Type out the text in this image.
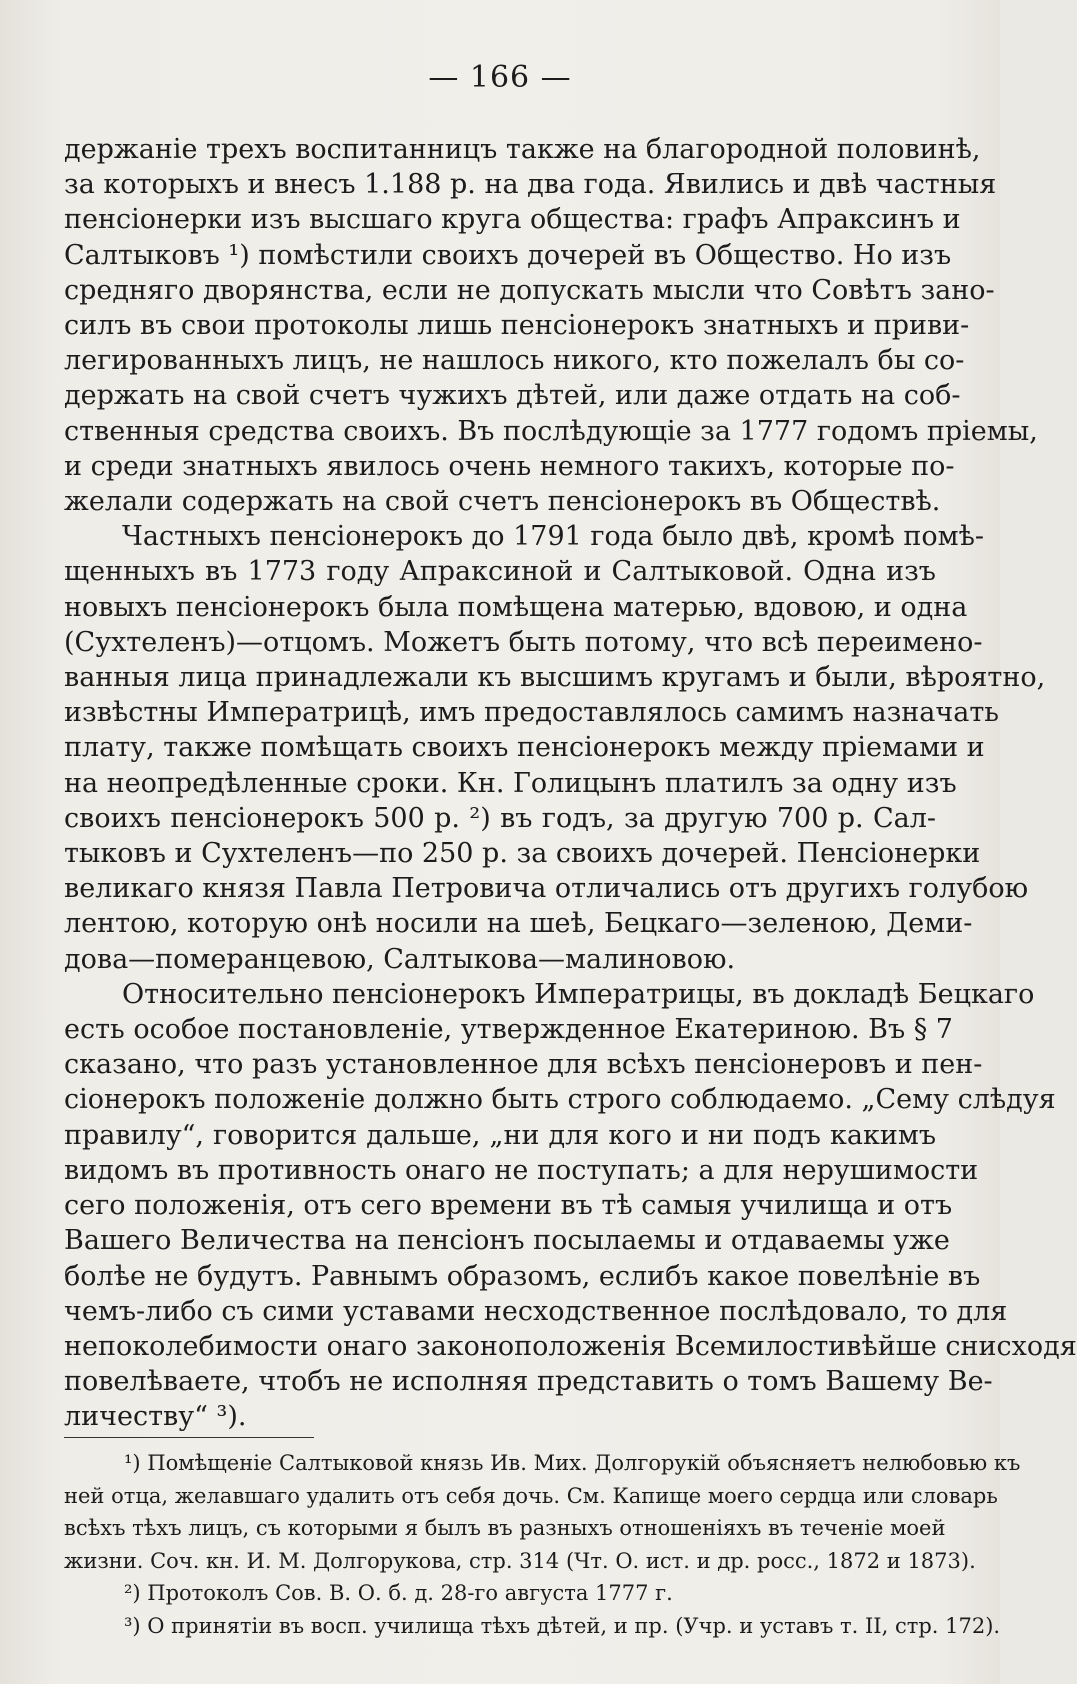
— 166 —

держанiе трехъ воспитанницъ также на благородной половинѣ,
за которыхъ и внесъ 1.188 р. на два года. Явились и двѣ частныя
пенсiонерки изъ высшаго круга общества: графъ Апраксинъ и
Салтыковъ ¹) помѣстили своихъ дочерей въ Общество. Но изъ
средняго дворянства, если не допускать мысли что Совѣтъ зано-
силъ въ свои протоколы лишь пенсiонерокъ знатныхъ и приви-
легированныхъ лицъ, не нашлось никого, кто пожелалъ бы со-
держать на свой счетъ чужихъ дѣтей, или даже отдать на соб-
ственныя средства своихъ. Въ послѣдующiе за 1777 годомъ прiемы,
и среди знатныхъ явилось очень немного такихъ, которые по-
желали содержать на свой счетъ пенсiонерокъ въ Обществѣ.

Частныхъ пенсiонерокъ до 1791 года было двѣ, кромѣ помѣ-
щенныхъ въ 1773 году Апраксиной и Салтыковой. Одна изъ
новыхъ пенсiонерокъ была помѣщена матерью, вдовою, и одна
(Сухтеленъ)—отцомъ. Можетъ быть потому, что всѣ переимено-
ванныя лица принадлежали къ высшимъ кругамъ и были, вѣроятно,
извѣстны Императрицѣ, имъ предоставлялось самимъ назначать
плату, также помѣщать своихъ пенсiонерокъ между прiемами и
на неопредѣленные сроки. Кн. Голицынъ платилъ за одну изъ
своихъ пенсiонерокъ 500 р. ²) въ годъ, за другую 700 р. Сал-
тыковъ и Сухтеленъ—по 250 р. за своихъ дочерей. Пенсiонерки
великаго князя Павла Петровича отличались отъ другихъ голубою
лентою, которую онѣ носили на шеѣ, Бецкаго—зеленою, Деми-
дова—померанцевою, Салтыкова—малиновою.

Относительно пенсiонерокъ Императрицы, въ докладѣ Бецкаго
есть особое постановленiе, утвержденное Екатериною. Въ § 7
сказано, что разъ установленное для всѣхъ пенсiонеровъ и пен-
сiонерокъ положенiе должно быть строго соблюдаемо. „Сему слѣдуя
правилу“, говорится дальше, „ни для кого и ни подъ какимъ
видомъ въ противность онаго не поступать; а для нерушимости
сего положенiя, отъ сего времени въ тѣ самыя училища и отъ
Вашего Величества на пенсiонъ посылаемы и отдаваемы уже
болѣе не будутъ. Равнымъ образомъ, еслибъ какое повелѣнiе въ
чемъ-либо съ сими уставами несходственное послѣдовало, то для
непоколебимости онаго законоположенiя Всемилостивѣйше снисходя
повелѣваете, чтобъ не исполняя представить о томъ Вашему Ве-
личеству“ ³).

¹) Помѣщенiе Салтыковой князь Ив. Мих. Долгорукiй объясняетъ нелюбовью къ
ней отца, желавшаго удалить отъ себя дочь. См. Капище моего сердца или словарь
всѣхъ тѣхъ лицъ, съ которыми я былъ въ разныхъ отношенiяхъ въ теченiе моей
жизни. Соч. кн. И. М. Долгорукова, стр. 314 (Чт. О. ист. и др. росс., 1872 и 1873).
²) Протоколъ Сов. В. О. б. д. 28-го августа 1777 г.
³) О принятiи въ восп. училища тѣхъ дѣтей, и пр. (Учр. и уставъ т. II, стр. 172).
